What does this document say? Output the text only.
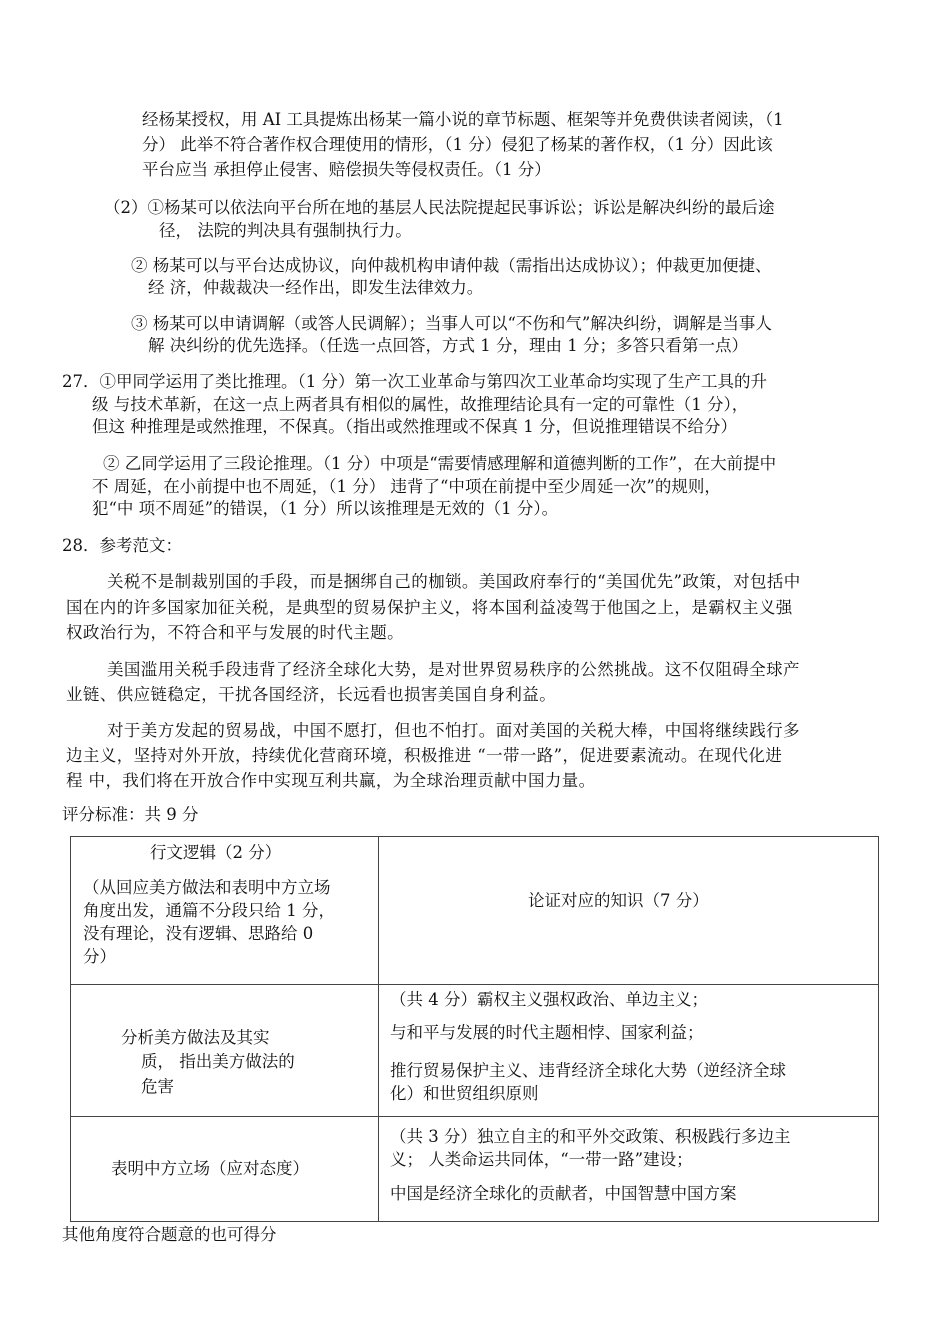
经杨某授权，用 AI 工具提炼出杨某一篇小说的章节标题、框架等并免费供读者阅读，（1
分） 此举不符合著作权合理使用的情形，（1 分）侵犯了杨某的著作权，（1 分）因此该
平台应当 承担停止侵害、赔偿损失等侵权责任。（1 分）
（2）①杨某可以依法向平台所在地的基层人民法院提起民事诉讼；诉讼是解决纠纷的最后途
径， 法院的判决具有强制执行力。
② 杨某可以与平台达成协议，向仲裁机构申请仲裁（需指出达成协议）；仲裁更加便捷、
经 济，仲裁裁决一经作出，即发生法律效力。
③ 杨某可以申请调解（或答人民调解）；当事人可以“不伤和气”解决纠纷，调解是当事人
解 决纠纷的优先选择。（任选一点回答，方式 1 分，理由 1 分；多答只看第一点）
27．①甲同学运用了类比推理。（1 分）第一次工业革命与第四次工业革命均实现了生产工具的升
级 与技术革新，在这一点上两者具有相似的属性，故推理结论具有一定的可靠性（1 分），
但这 种推理是或然推理，不保真。（指出或然推理或不保真 1 分，但说推理错误不给分）
② 乙同学运用了三段论推理。（1 分）中项是“需要情感理解和道德判断的工作”，在大前提中
不 周延，在小前提中也不周延，（1 分） 违背了“中项在前提中至少周延一次”的规则，
犯“中 项不周延”的错误，（1 分）所以该推理是无效的（1 分）。
28．参考范文：
关税不是制裁别国的手段，而是捆绑自己的枷锁。美国政府奉行的“美国优先”政策，对包括中
国在内的许多国家加征关税，是典型的贸易保护主义，将本国利益凌驾于他国之上，是霸权主义强
权政治行为，不符合和平与发展的时代主题。
美国滥用关税手段违背了经济全球化大势，是对世界贸易秩序的公然挑战。这不仅阻碍全球产
业链、供应链稳定，干扰各国经济，长远看也损害美国自身利益。
对于美方发起的贸易战，中国不愿打，但也不怕打。面对美国的关税大棒，中国将继续践行多
边主义，坚持对外开放，持续优化营商环境，积极推进 “一带一路”，促进要素流动。在现代化进
程 中，我们将在开放合作中实现互利共赢，为全球治理贡献中国力量。
评分标准：共 9 分
行文逻辑（2 分）
（从回应美方做法和表明中方立场
角度出发，通篇不分段只给 1 分，
没有理论，没有逻辑、思路给 0
分）
论证对应的知识（7 分）
分析美方做法及其实
质， 指出美方做法的
危害
（共 4 分）霸权主义强权政治、单边主义；
与和平与发展的时代主题相悖、国家利益；
推行贸易保护主义、违背经济全球化大势（逆经济全球
化）和世贸组织原则
表明中方立场（应对态度）
（共 3 分）独立自主的和平外交政策、积极践行多边主
义； 人类命运共同体，“一带一路”建设；
中国是经济全球化的贡献者，中国智慧中国方案
其他角度符合题意的也可得分
